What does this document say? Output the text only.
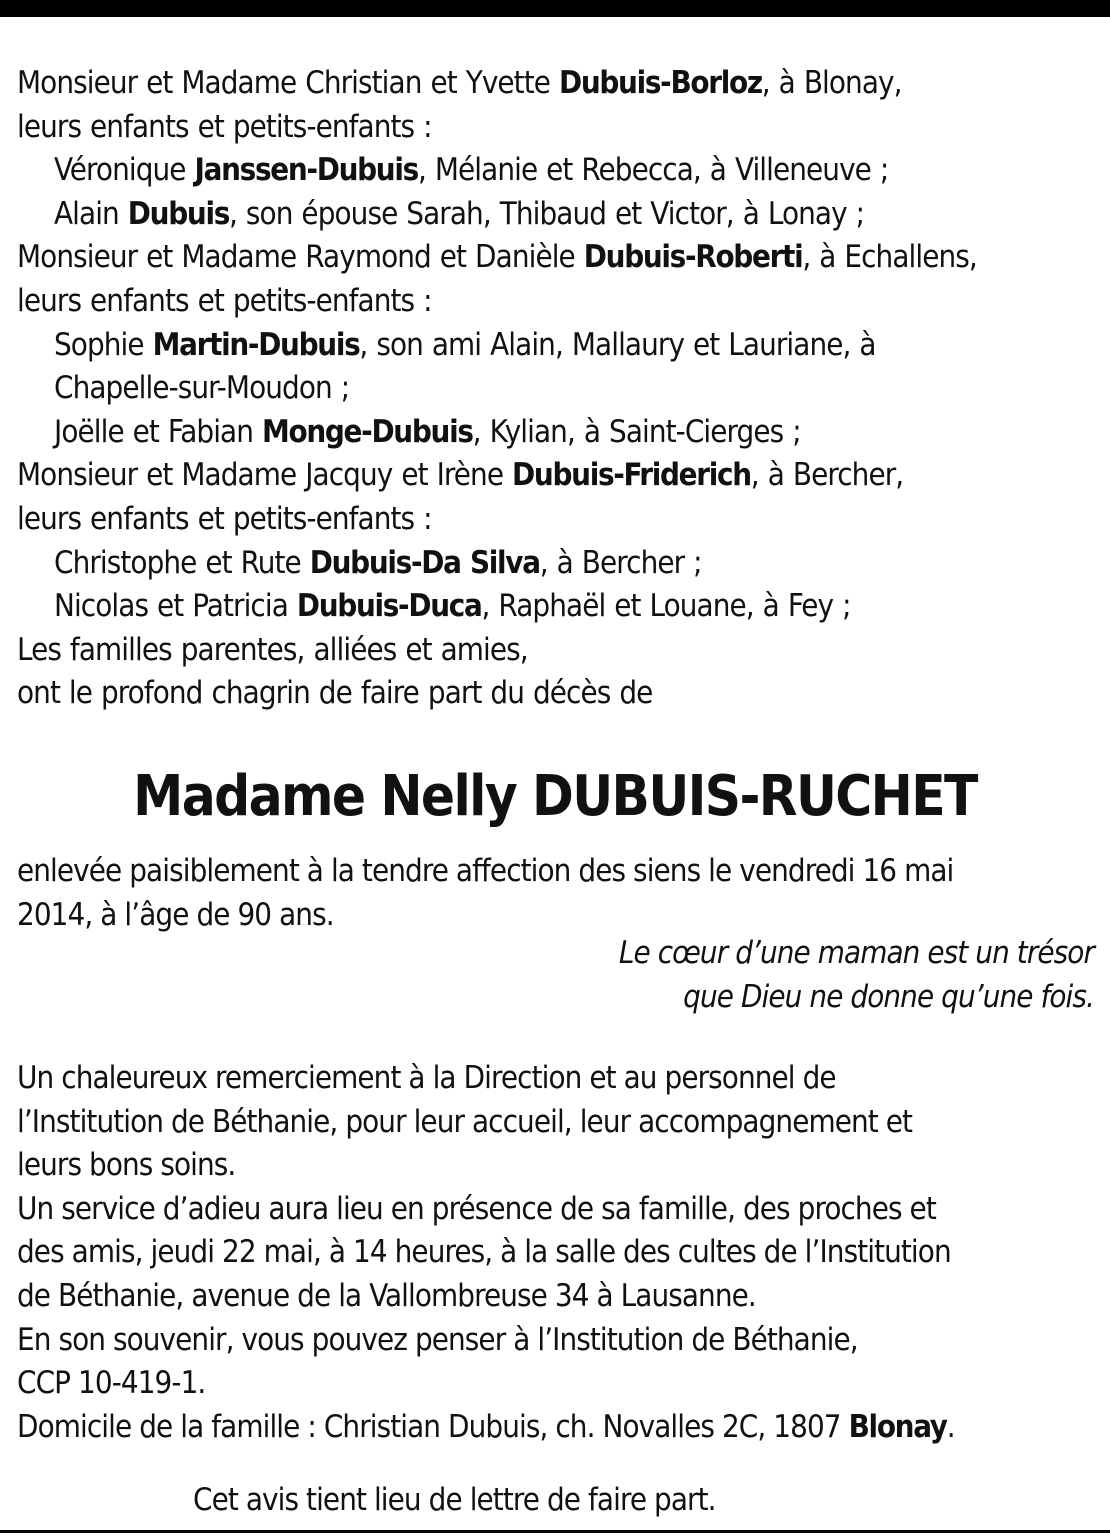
Monsieur et Madame Christian et Yvette Dubuis-Borloz, à Blonay,
leurs enfants et petits-enfants :
Véronique Janssen-Dubuis, Mélanie et Rebecca, à Villeneuve ;
Alain Dubuis, son épouse Sarah, Thibaud et Victor, à Lonay ;
Monsieur et Madame Raymond et Danièle Dubuis-Roberti, à Echallens,
leurs enfants et petits-enfants :
Sophie Martin-Dubuis, son ami Alain, Mallaury et Lauriane, à
Chapelle-sur-Moudon ;
Joëlle et Fabian Monge-Dubuis, Kylian, à Saint-Cierges ;
Monsieur et Madame Jacquy et Irène Dubuis-Friderich, à Bercher,
leurs enfants et petits-enfants :
Christophe et Rute Dubuis-Da Silva, à Bercher ;
Nicolas et Patricia Dubuis-Duca, Raphaël et Louane, à Fey ;
Les familles parentes, alliées et amies,
ont le profond chagrin de faire part du décès de
Madame Nelly DUBUIS-RUCHET
enlevée paisiblement à la tendre affection des siens le vendredi 16 mai
2014, à l’âge de 90 ans.
Le cœur d’une maman est un trésor
que Dieu ne donne qu’une fois.
Un chaleureux remerciement à la Direction et au personnel de
l’Institution de Béthanie, pour leur accueil, leur accompagnement et
leurs bons soins.
Un service d’adieu aura lieu en présence de sa famille, des proches et
des amis, jeudi 22 mai, à 14 heures, à la salle des cultes de l’Institution
de Béthanie, avenue de la Vallombreuse 34 à Lausanne.
En son souvenir, vous pouvez penser à l’Institution de Béthanie,
CCP 10-419-1.
Domicile de la famille : Christian Dubuis, ch. Novalles 2C, 1807 Blonay.
Cet avis tient lieu de lettre de faire part.
